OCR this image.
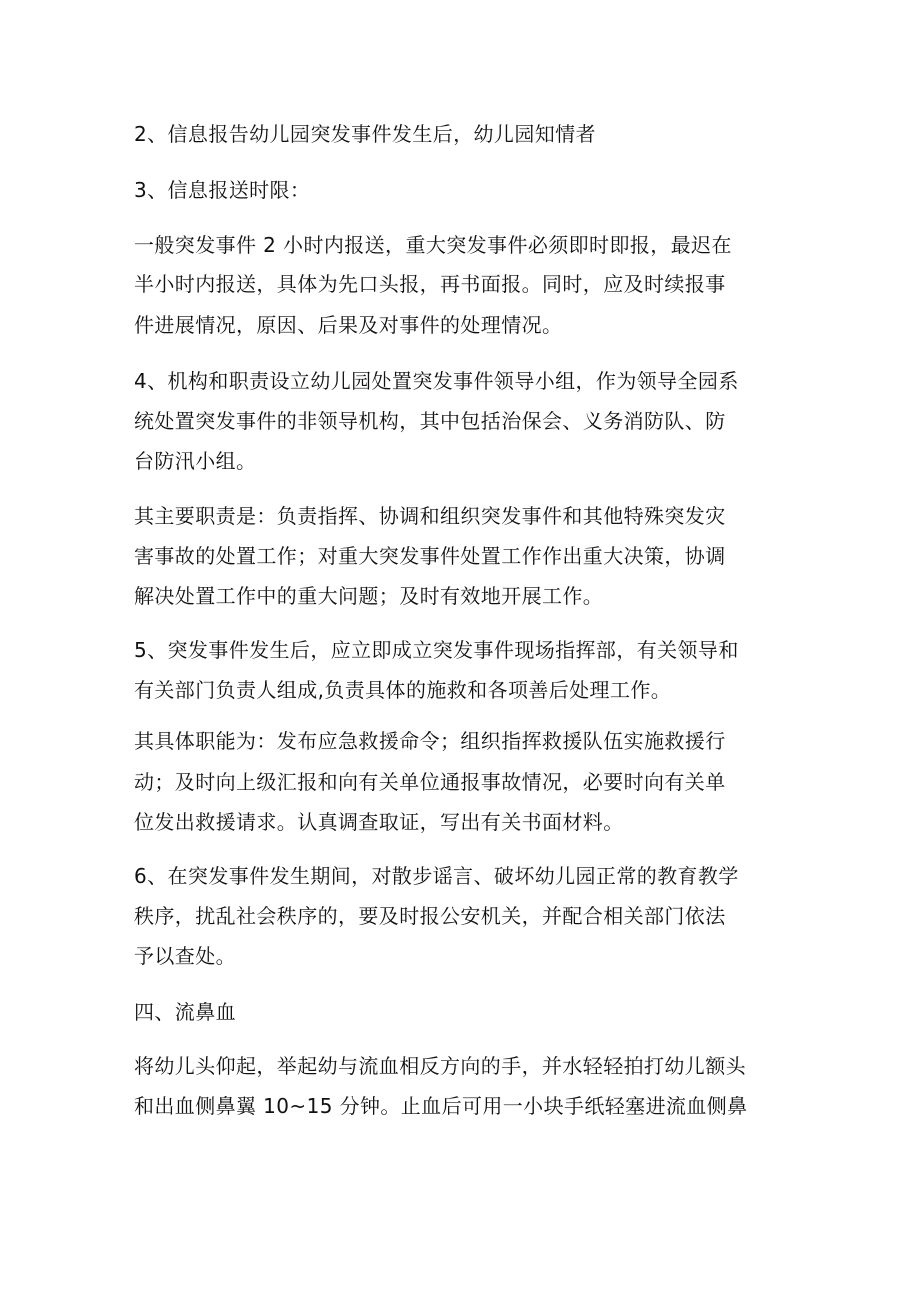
2、信息报告幼儿园突发事件发生后，幼儿园知情者

3、信息报送时限：

一般突发事件 2 小时内报送，重大突发事件必须即时即报，最迟在

半小时内报送，具体为先口头报，再书面报。同时，应及时续报事

件进展情况，原因、后果及对事件的处理情况。

4、机构和职责设立幼儿园处置突发事件领导小组，作为领导全园系

统处置突发事件的非领导机构，其中包括治保会、义务消防队、防

台防汛小组。

其主要职责是：负责指挥、协调和组织突发事件和其他特殊突发灾

害事故的处置工作；对重大突发事件处置工作作出重大决策，协调

解决处置工作中的重大问题；及时有效地开展工作。

5、突发事件发生后，应立即成立突发事件现场指挥部，有关领导和

有关部门负责人组成,负责具体的施救和各项善后处理工作。

其具体职能为：发布应急救援命令；组织指挥救援队伍实施救援行

动；及时向上级汇报和向有关单位通报事故情况，必要时向有关单

位发出救援请求。认真调查取证，写出有关书面材料。

6、在突发事件发生期间，对散步谣言、破坏幼儿园正常的教育教学

秩序，扰乱社会秩序的，要及时报公安机关，并配合相关部门依法

予以查处。

四、流鼻血

将幼儿头仰起，举起幼与流血相反方向的手，并水轻轻拍打幼儿额头

和出血侧鼻翼 10~15 分钟。止血后可用一小块手纸轻塞进流血侧鼻
